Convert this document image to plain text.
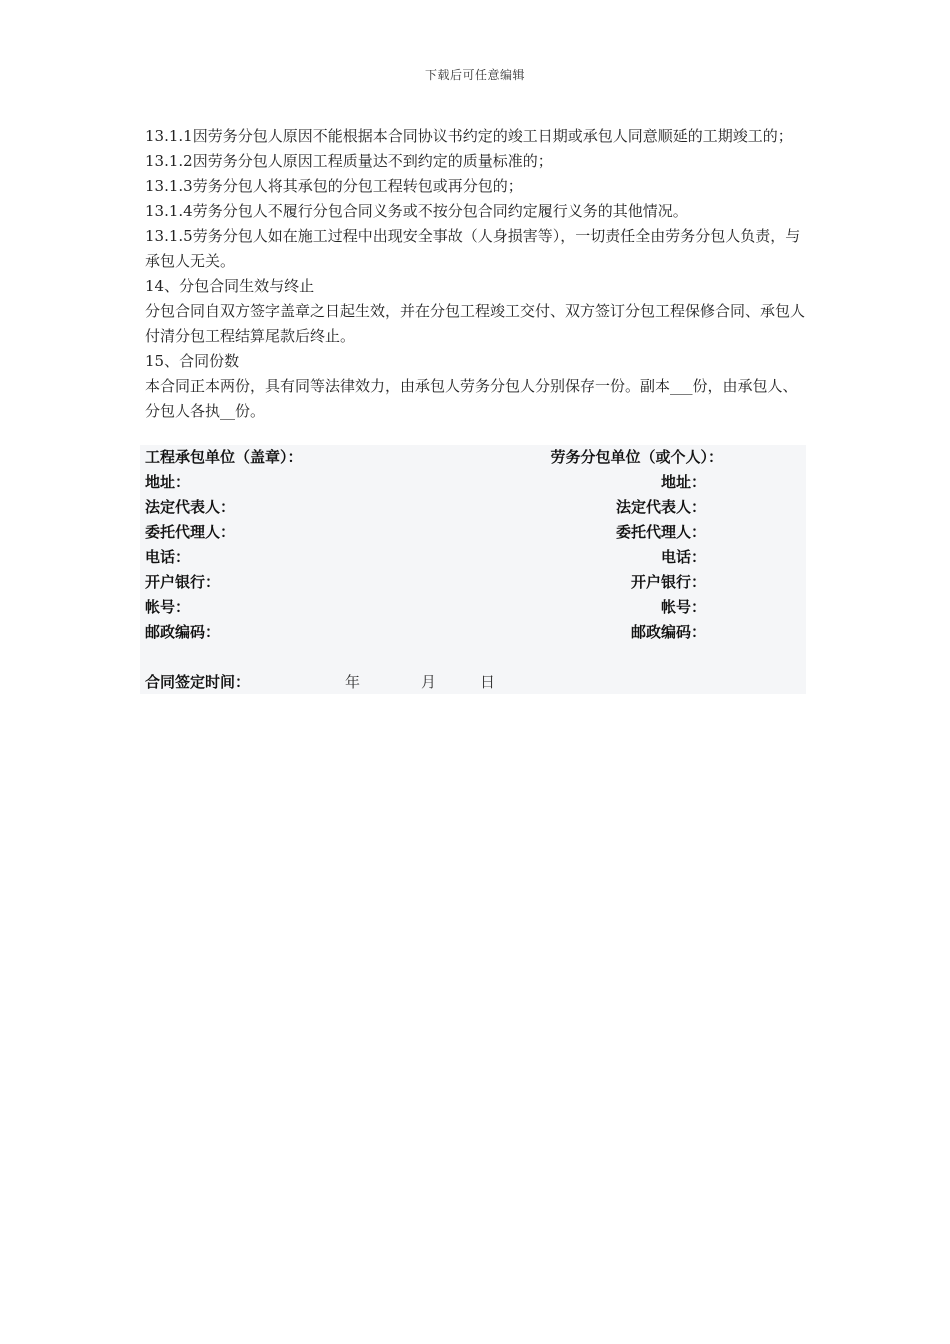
下载后可任意编辑

13.1.1因劳务分包人原因不能根据本合同协议书约定的竣工日期或承包人同意顺延的工期竣工的；

13.1.2因劳务分包人原因工程质量达不到约定的质量标准的；

13.1.3劳务分包人将其承包的分包工程转包或再分包的；

13.1.4劳务分包人不履行分包合同义务或不按分包合同约定履行义务的其他情况。

13.1.5劳务分包人如在施工过程中出现安全事故（人身损害等），一切责任全由劳务分包人负责，与承包人无关。

14、分包合同生效与终止

分包合同自双方签字盖章之日起生效，并在分包工程竣工交付、双方签订分包工程保修合同、承包人付清分包工程结算尾款后终止。

15、合同份数

本合同正本两份，具有同等法律效力，由承包人劳务分包人分别保存一份。副本___份，由承包人、分包人各执__份。

工程承包单位（盖章）：	劳务分包单位（或个人）：
地址：	地址：
法定代表人：	法定代表人：
委托代理人：	委托代理人：
电话：	电话：
开户银行：	开户银行：
帐号：	帐号：
邮政编码：	邮政编码：
合同签定时间：	年	月	日
